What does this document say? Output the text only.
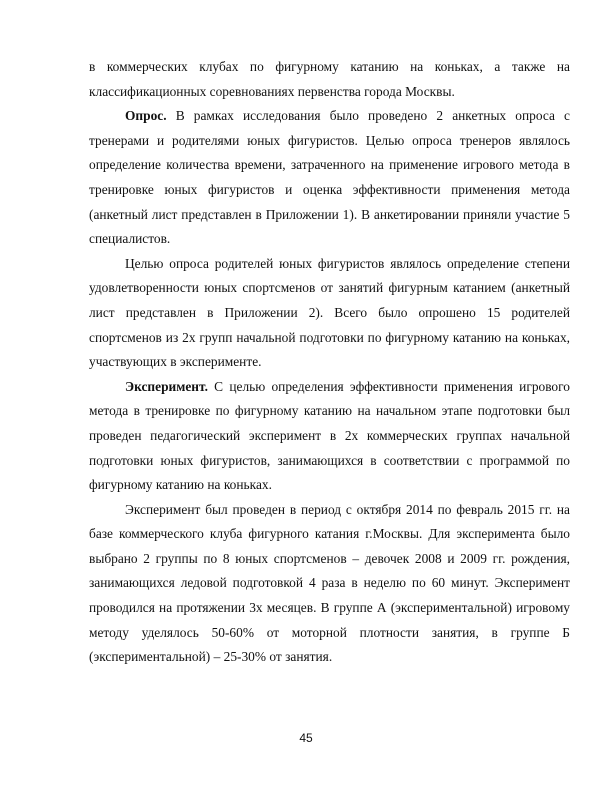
в коммерческих клубах по фигурному катанию на коньках, а также на классификационных соревнованиях первенства города Москвы.

Опрос. В рамках исследования было проведено 2 анкетных опроса с тренерами и родителями юных фигуристов. Целью опроса тренеров являлось определение количества времени, затраченного на применение игрового метода в тренировке юных фигуристов и оценка эффективности применения метода (анкетный лист представлен в Приложении 1). В анкетировании приняли участие 5 специалистов.

Целью опроса родителей юных фигуристов являлось определение степени удовлетворенности юных спортсменов от занятий фигурным катанием (анкетный лист представлен в Приложении 2). Всего было опрошено 15 родителей спортсменов из 2х групп начальной подготовки по фигурному катанию на коньках, участвующих в эксперименте.

Эксперимент. С целью определения эффективности применения игрового метода в тренировке по фигурному катанию на начальном этапе подготовки был проведен педагогический эксперимент в 2х коммерческих группах начальной подготовки юных фигуристов, занимающихся в соответствии с программой по фигурному катанию на коньках.

Эксперимент был проведен в период с октября 2014 по февраль 2015 гг. на базе коммерческого клуба фигурного катания г.Москвы. Для эксперимента было выбрано 2 группы по 8 юных спортсменов – девочек 2008 и 2009 гг. рождения, занимающихся ледовой подготовкой 4 раза в неделю по 60 минут. Эксперимент проводился на протяжении 3х месяцев. В группе А (экспериментальной) игровому методу уделялось 50-60% от моторной плотности занятия, в группе Б (экспериментальной) – 25-30% от занятия.

45
